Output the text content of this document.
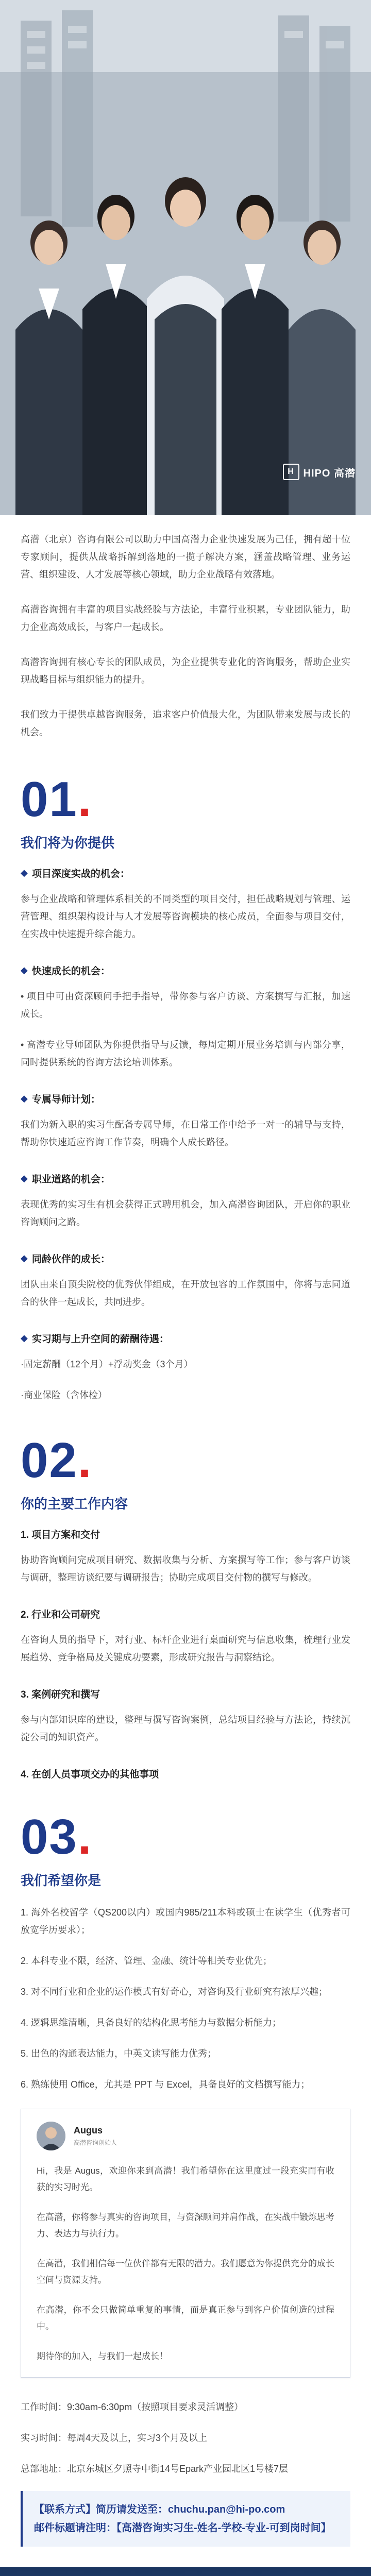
H HIPO 高潜

高潜（北京）咨询有限公司以助力中国高潜力企业快速发展为己任，拥有超十位专家顾问，提供从战略拆解到落地的一揽子解决方案，涵盖战略管理、业务运营、组织建设、人才发展等核心领域，助力企业战略有效落地。

高潜咨询拥有丰富的项目实战经验与方法论，丰富行业积累，专业团队能力，助力企业高效成长，与客户一起成长。

高潜咨询拥有核心专长的团队成员，为企业提供专业化的咨询服务，帮助企业实现战略目标与组织能力的提升。

我们致力于提供卓越咨询服务，追求客户价值最大化，为团队带来发展与成长的机会。

01.
我们将为你提供
◆ 项目深度实战的机会：

参与企业战略和管理体系相关的不同类型的项目交付，担任战略规划与管理、运营管理、组织架构设计与人才发展等咨询模块的核心成员，全面参与项目交付，在实战中快速提升综合能力。

◆ 快速成长的机会：

• 项目中可由资深顾问手把手指导，带你参与客户访谈、方案撰写与汇报，加速成长。

• 高潜专业导师团队为你提供指导与反馈，每周定期开展业务培训与内部分享，同时提供系统的咨询方法论培训体系。

◆ 专属导师计划：

我们为新入职的实习生配备专属导师，在日常工作中给予一对一的辅导与支持，帮助你快速适应咨询工作节奏，明确个人成长路径。

◆ 职业道路的机会：

表现优秀的实习生有机会获得正式聘用机会，加入高潜咨询团队，开启你的职业咨询顾问之路。

◆ 同龄伙伴的成长：

团队由来自顶尖院校的优秀伙伴组成，在开放包容的工作氛围中，你将与志同道合的伙伴一起成长，共同进步。

◆ 实习期与上升空间的薪酬待遇：

·固定薪酬（12个月）+浮动奖金（3个月）

·商业保险（含体检）

02.
你的主要工作内容
1. 项目方案和交付

协助咨询顾问完成项目研究、数据收集与分析、方案撰写等工作；参与客户访谈与调研，整理访谈纪要与调研报告；协助完成项目交付物的撰写与修改。

2. 行业和公司研究

在咨询人员的指导下，对行业、标杆企业进行桌面研究与信息收集，梳理行业发展趋势、竞争格局及关键成功要素，形成研究报告与洞察结论。

3. 案例研究和撰写

参与内部知识库的建设，整理与撰写咨询案例，总结项目经验与方法论，持续沉淀公司的知识资产。

4. 在创人员事项交办的其他事项
03.
我们希望你是

1. 海外名校留学（QS200以内）或国内985/211本科或硕士在读学生（优秀者可放宽学历要求）；

2. 本科专业不限，经济、管理、金融、统计等相关专业优先；

3. 对不同行业和企业的运作模式有好奇心，对咨询及行业研究有浓厚兴趣；

4. 逻辑思维清晰，具备良好的结构化思考能力与数据分析能力；

5. 出色的沟通表达能力，中英文读写能力优秀；

6. 熟练使用 Office，尤其是 PPT 与 Excel，具备良好的文档撰写能力；

Augus
高潜咨询创始人

Hi，我是 Augus，欢迎你来到高潜！我们希望你在这里度过一段充实而有收获的实习时光。

在高潜，你将参与真实的咨询项目，与资深顾问并肩作战，在实战中锻炼思考力、表达力与执行力。

在高潜，我们相信每一位伙伴都有无限的潜力。我们愿意为你提供充分的成长空间与资源支持。

在高潜，你不会只做简单重复的事情，而是真正参与到客户价值创造的过程中。

期待你的加入，与我们一起成长！

工作时间：9:30am-6:30pm（按照项目要求灵活调整）

实习时间：每周4天及以上，实习3个月及以上

总部地址：北京东城区夕照寺中街14号Epark产业园北区1号楼7层

【联系方式】简历请发送至：chuchu.pan@hi-po.com

邮件标题请注明：【高潜咨询实习生-姓名-学校-专业-可到岗时间】
